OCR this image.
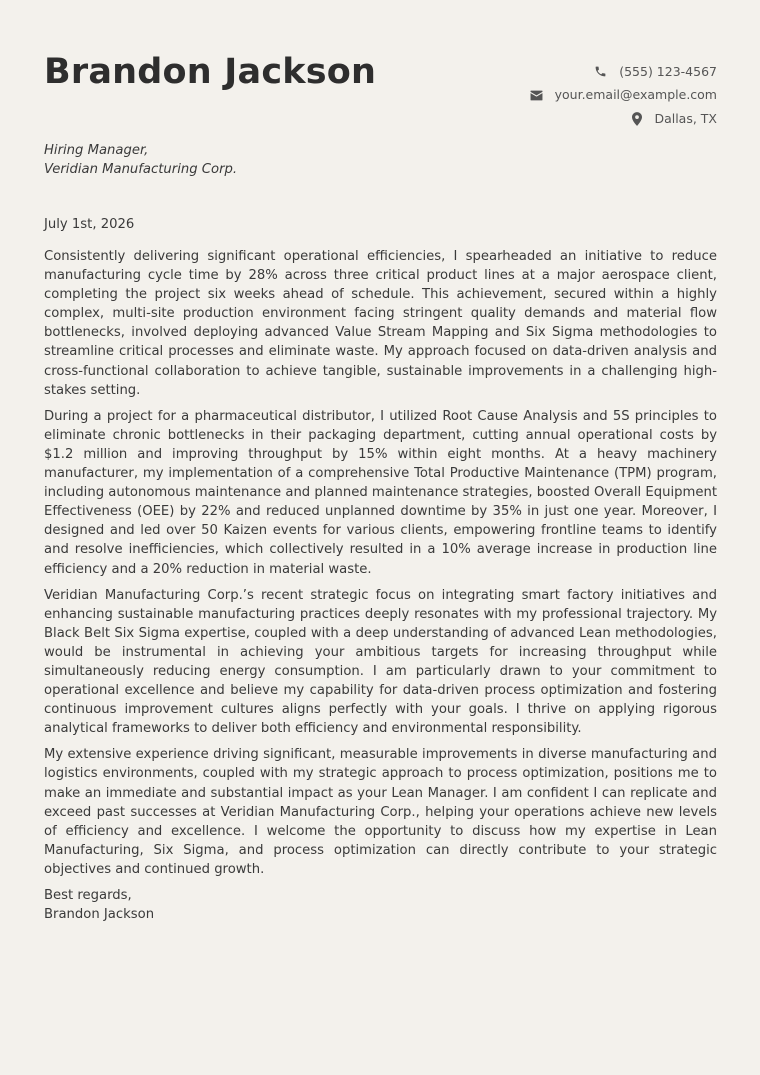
Brandon Jackson	(555) 123-4567
your.email@example.com
Dallas, TX
Hiring Manager,
Veridian Manufacturing Corp.
July 1st, 2026

Consistently delivering significant operational efficiencies, I spearheaded an initiative to reduce manufacturing cycle time by 28% across three critical product lines at a major aerospace client, completing the project six weeks ahead of schedule. This achievement, secured within a highly complex, multi-site production environment facing stringent quality demands and material flow bottlenecks, involved deploying advanced Value Stream Mapping and Six Sigma methodologies to streamline critical processes and eliminate waste. My approach focused on data-driven analysis and cross-functional collaboration to achieve tangible, sustainable improvements in a challenging high-stakes setting.

During a project for a pharmaceutical distributor, I utilized Root Cause Analysis and 5S principles to eliminate chronic bottlenecks in their packaging department, cutting annual operational costs by $1.2 million and improving throughput by 15% within eight months. At a heavy machinery manufacturer, my implementation of a comprehensive Total Productive Maintenance (TPM) program, including autonomous maintenance and planned maintenance strategies, boosted Overall Equipment Effectiveness (OEE) by 22% and reduced unplanned downtime by 35% in just one year. Moreover, I designed and led over 50 Kaizen events for various clients, empowering frontline teams to identify and resolve inefficiencies, which collectively resulted in a 10% average increase in production line efficiency and a 20% reduction in material waste.

Veridian Manufacturing Corp.’s recent strategic focus on integrating smart factory initiatives and enhancing sustainable manufacturing practices deeply resonates with my professional trajectory. My Black Belt Six Sigma expertise, coupled with a deep understanding of advanced Lean methodologies, would be instrumental in achieving your ambitious targets for increasing throughput while simultaneously reducing energy consumption. I am particularly drawn to your commitment to operational excellence and believe my capability for data-driven process optimization and fostering continuous improvement cultures aligns perfectly with your goals. I thrive on applying rigorous analytical frameworks to deliver both efficiency and environmental responsibility.

My extensive experience driving significant, measurable improvements in diverse manufacturing and logistics environments, coupled with my strategic approach to process optimization, positions me to make an immediate and substantial impact as your Lean Manager. I am confident I can replicate and exceed past successes at Veridian Manufacturing Corp., helping your operations achieve new levels of efficiency and excellence. I welcome the opportunity to discuss how my expertise in Lean Manufacturing, Six Sigma, and process optimization can directly contribute to your strategic objectives and continued growth.

Best regards,
Brandon Jackson
